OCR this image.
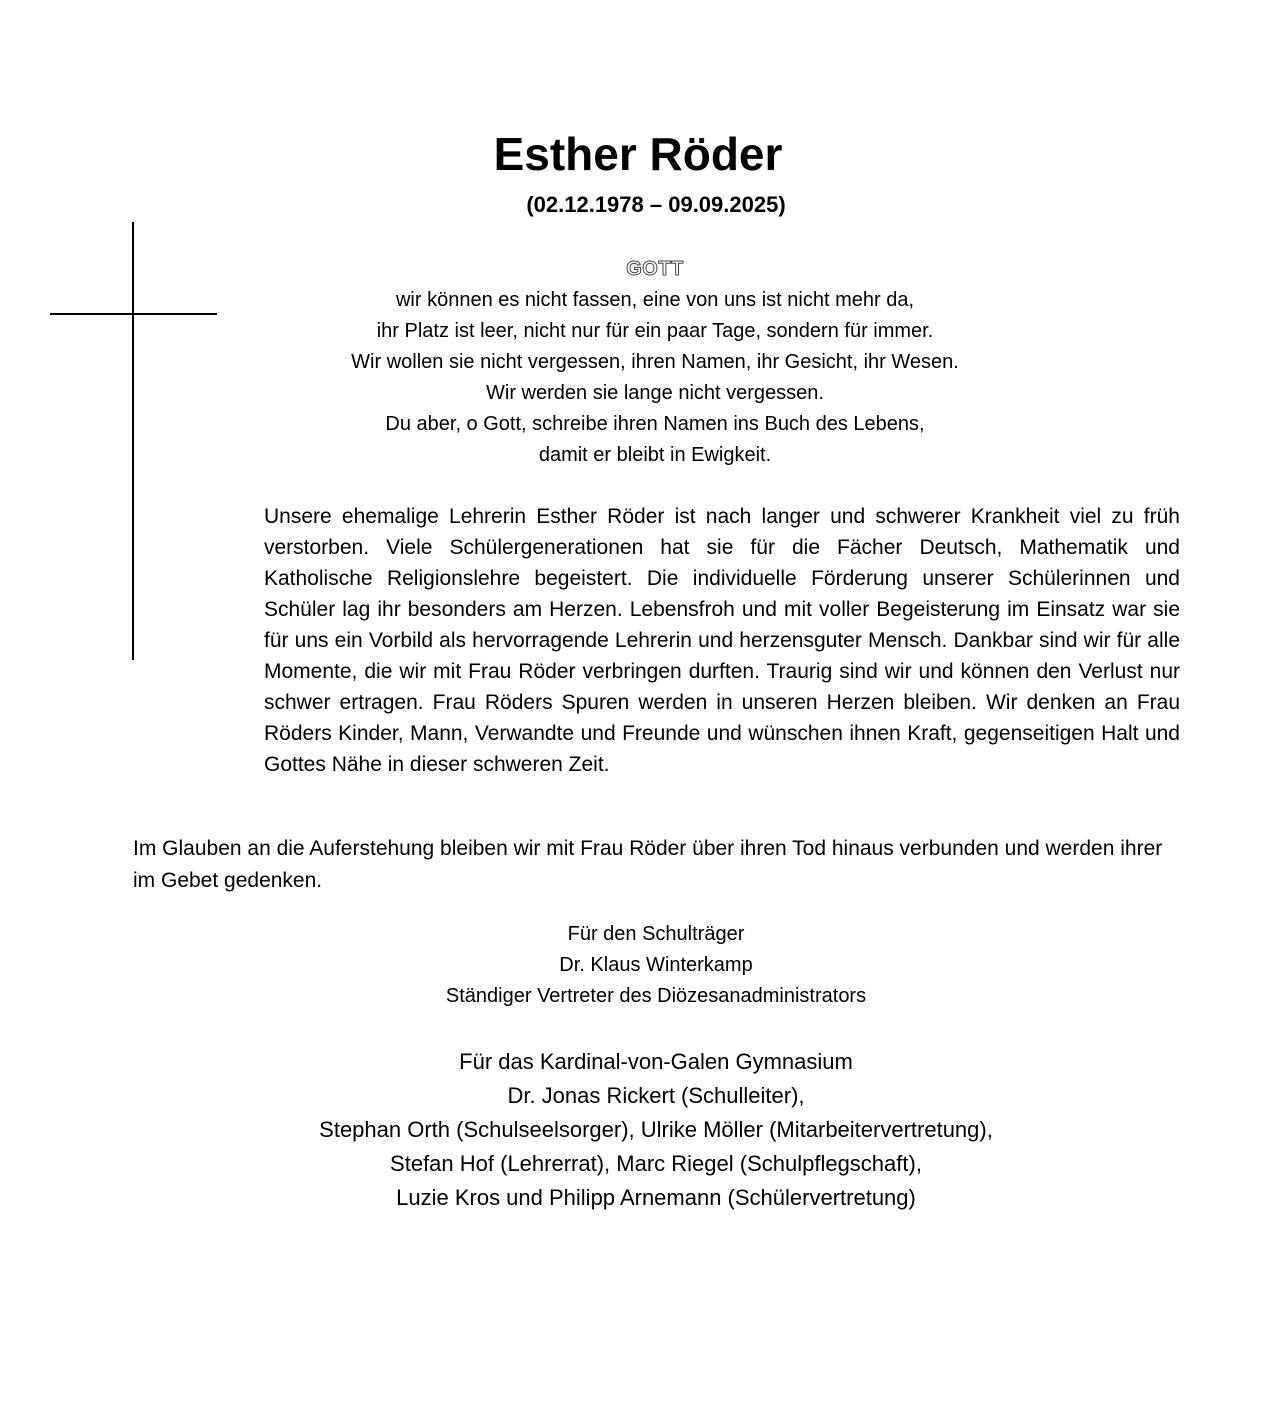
Esther Röder
(02.12.1978 – 09.09.2025)
GOTT
wir können es nicht fassen, eine von uns ist nicht mehr da,
ihr Platz ist leer, nicht nur für ein paar Tage, sondern für immer.
Wir wollen sie nicht vergessen, ihren Namen, ihr Gesicht, ihr Wesen.
Wir werden sie lange nicht vergessen.
Du aber, o Gott, schreibe ihren Namen ins Buch des Lebens,
damit er bleibt in Ewigkeit.

Unsere ehemalige Lehrerin Esther Röder ist nach langer und schwerer Krankheit viel zu früh verstorben. Viele Schülergenerationen hat sie für die Fächer Deutsch, Mathematik und Katholische Religionslehre begeistert. Die individuelle Förderung unserer Schülerinnen und Schüler lag ihr besonders am Herzen. Lebensfroh und mit voller Begeisterung im Einsatz war sie für uns ein Vorbild als hervorragende Lehrerin und herzensguter Mensch. Dankbar sind wir für alle Momente, die wir mit Frau Röder verbringen durften. Traurig sind wir und können den Verlust nur schwer ertragen. Frau Röders Spuren werden in unseren Herzen bleiben. Wir denken an Frau Röders Kinder, Mann, Verwandte und Freunde und wünschen ihnen Kraft, gegenseitigen Halt und Gottes Nähe in dieser schweren Zeit.

Im Glauben an die Auferstehung bleiben wir mit Frau Röder über ihren Tod hinaus verbunden und werden ihrer im Gebet gedenken.

Für den Schulträger
Dr. Klaus Winterkamp
Ständiger Vertreter des Diözesanadministrators
Für das Kardinal-von-Galen Gymnasium
Dr. Jonas Rickert (Schulleiter),
Stephan Orth (Schulseelsorger), Ulrike Möller (Mitarbeitervertretung),
Stefan Hof (Lehrerrat), Marc Riegel (Schulpflegschaft),
Luzie Kros und Philipp Arnemann (Schülervertretung)
